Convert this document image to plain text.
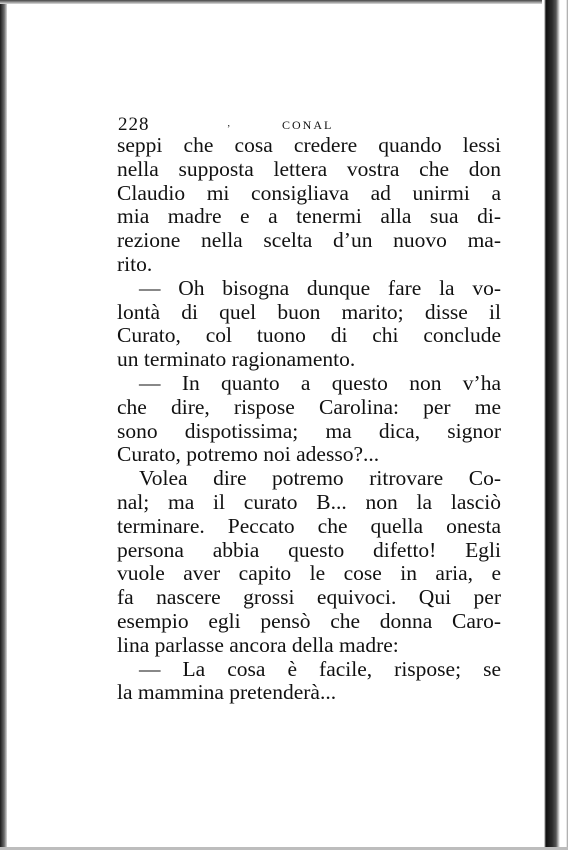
228	ʼ	CONAL
seppi che cosa credere quando lessi
nella supposta lettera vostra che don
Claudio mi consigliava ad unirmi a
mia madre e a tenermi alla sua di-
rezione nella scelta d’un nuovo ma-
rito.
— Oh bisogna dunque fare la vo-
lontà di quel buon marito; disse il
Curato, col tuono di chi conclude
un terminato ragionamento.
— In quanto a questo non v’ha
che dire, rispose Carolina: per me
sono dispotissima; ma dica, signor
Curato, potremo noi adesso?...
Volea dire potremo ritrovare Co-
nal; ma il curato B... non la lasciò
terminare. Peccato che quella onesta
persona abbia questo difetto! Egli
vuole aver capito le cose in aria, e
fa nascere grossi equivoci. Qui per
esempio egli pensò che donna Caro-
lina parlasse ancora della madre:
— La cosa è facile, rispose; se
la mammina pretenderà...
